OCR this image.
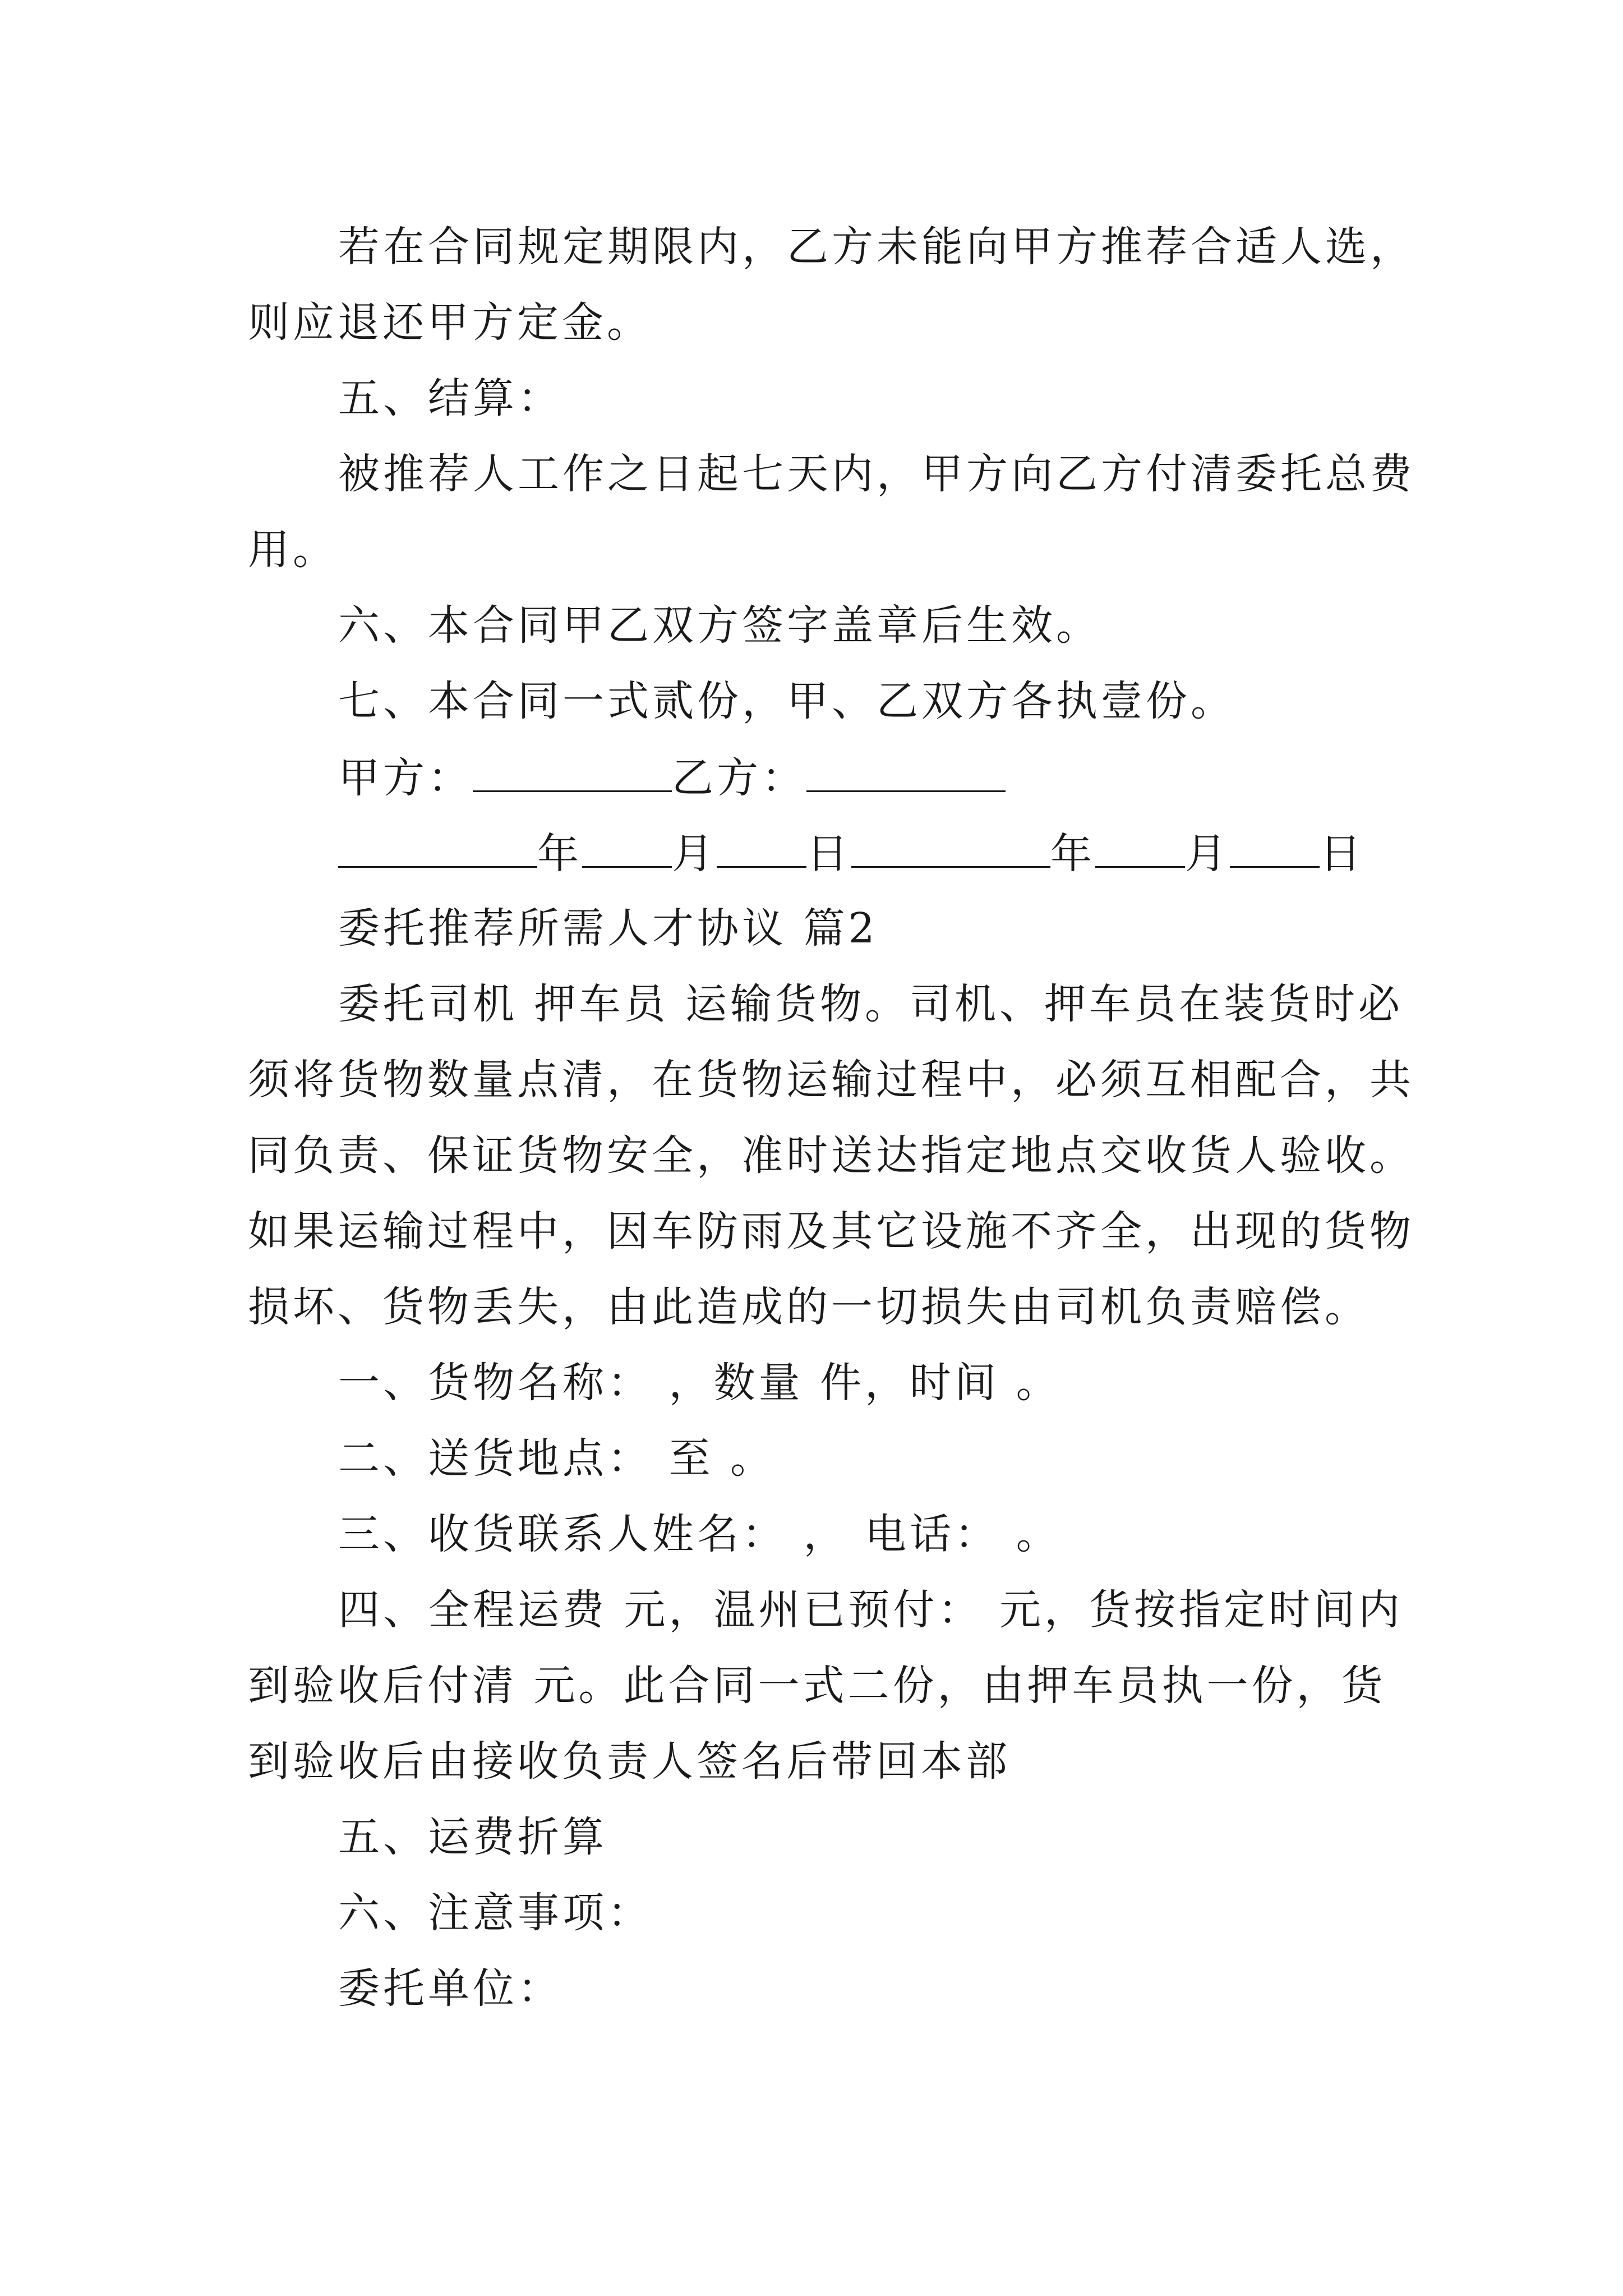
若在合同规定期限内，乙方未能向甲方推荐合适人选，
则应退还甲方定金。
五、结算：
被推荐人工作之日起七天内，甲方向乙方付清委托总费
用。
六、本合同甲乙双方签字盖章后生效。
七、本合同一式贰份，甲、乙双方各执壹份。
甲方：	乙方：
年 月 日	年 月 日
委托推荐所需人才协议 篇2
委托司机 押车员 运输货物。司机、押车员在装货时必
须将货物数量点清，在货物运输过程中，必须互相配合，共
同负责、保证货物安全，准时送达指定地点交收货人验收。
如果运输过程中，因车防雨及其它设施不齐全，出现的货物
损坏、货物丢失，由此造成的一切损失由司机负责赔偿。
一、货物名称： ，数量 件，时间 。
二、送货地点： 至 。
三、收货联系人姓名： ， 电话： 。
四、全程运费 元，温州已预付： 元，货按指定时间内
到验收后付清 元。此合同一式二份，由押车员执一份，货
到验收后由接收负责人签名后带回本部
五、运费折算
六、注意事项：
委托单位：
